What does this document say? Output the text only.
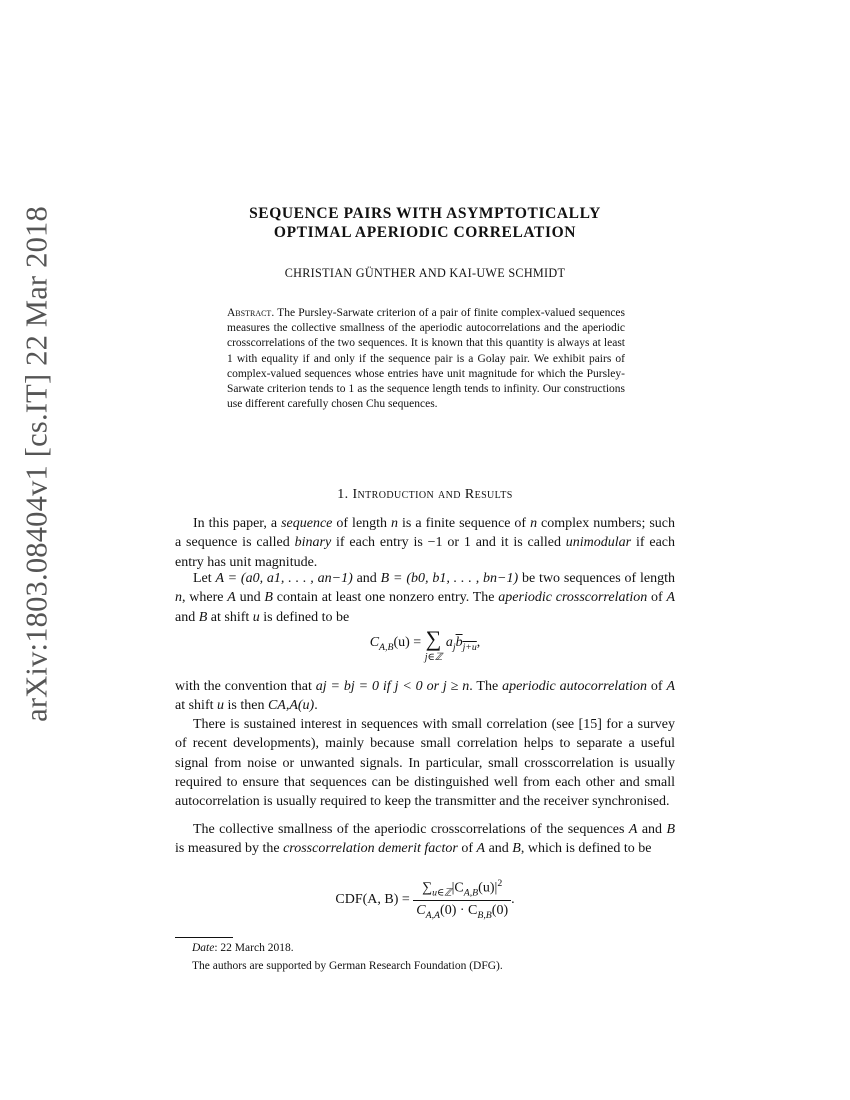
arXiv:1803.08404v1 [cs.IT] 22 Mar 2018	SEQUENCE PAIRS WITH ASYMPTOTICALLY
OPTIMAL APERIODIC CORRELATION
CHRISTIAN GÜNTHER AND KAI-UWE SCHMIDT
Abstract. The Pursley-Sarwate criterion of a pair of finite complex-valued sequences measures the collective smallness of the aperiodic autocorrelations and the aperiodic crosscorrelations of the two sequences. It is known that this quantity is always at least 1 with equality if and only if the sequence pair is a Golay pair. We exhibit pairs of complex-valued sequences whose entries have unit magnitude for which the Pursley-Sarwate criterion tends to 1 as the sequence length tends to infinity. Our constructions use different carefully chosen Chu sequences.
1. Introduction and Results
In this paper, a sequence of length n is a finite sequence of n complex numbers; such a sequence is called binary if each entry is −1 or 1 and it is called unimodular if each entry has unit magnitude.
Let A = (a0, a1, . . . , an−1) and B = (b0, b1, . . . , bn−1) be two sequences of length n, where A und B contain at least one nonzero entry. The aperiodic crosscorrelation of A and B at shift u is defined to be
$C_{A,B}(u)$ = ∑
j∈ℤ $a_jb_{j+u}$,
with the convention that aj = bj = 0 if j < 0 or j ≥ n. The aperiodic autocorrelation of A at shift u is then CA,A(u).
There is sustained interest in sequences with small correlation (see [15] for a survey of recent developments), mainly because small correlation helps to separate a useful signal from noise or unwanted signals. In particular, small crosscorrelation is usually required to ensure that sequences can be distinguished well from each other and small autocorrelation is usually required to keep the transmitter and the receiver synchronised.
The collective smallness of the aperiodic crosscorrelations of the sequences A and B is measured by the crosscorrelation demerit factor of A and B, which is defined to be
CDF(A, $B) = \frac{\sum_{u\in ℤ}|C_{A,B}(u)|^2}{C_{A,A}(0) \cdot C_{B,B}(0)}$ .
Date: 22 March 2018.
The authors are supported by German Research Foundation (DFG).
